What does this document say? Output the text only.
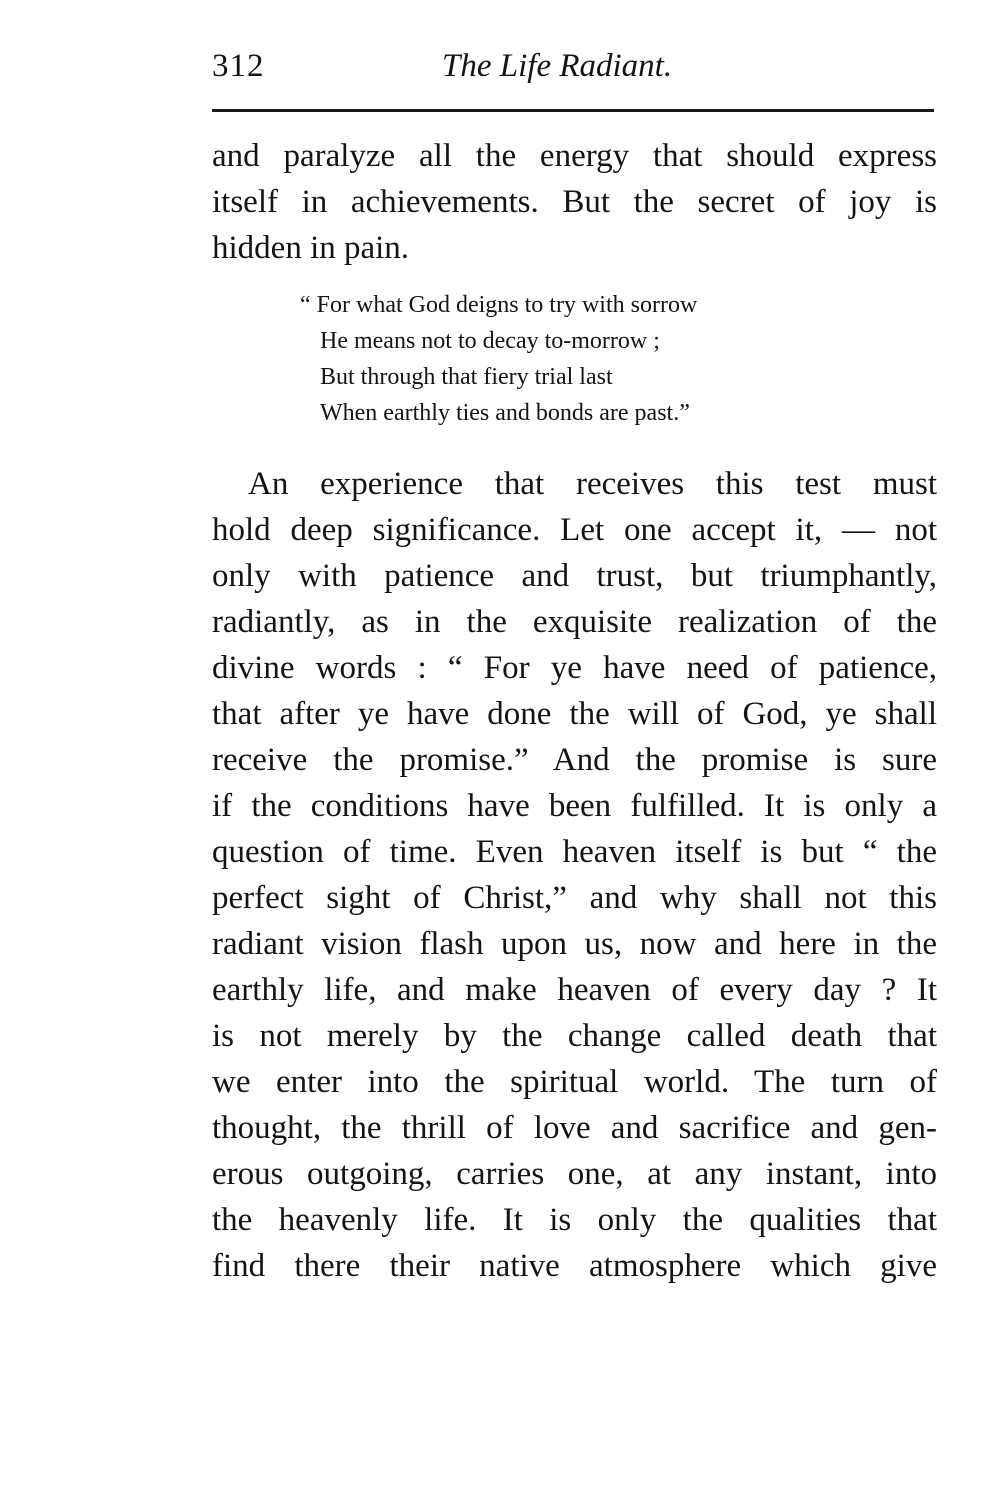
312	The Life Radiant.
and paralyze all the energy that should express
itself in achievements. But the secret of joy is
hidden in pain.
“ For what God deigns to try with sorrow
He means not to decay to-morrow ;
But through that fiery trial last
When earthly ties and bonds are past.”
An experience that receives this test must
hold deep significance. Let one accept it, — not
only with patience and trust, but triumphantly,
radiantly, as in the exquisite realization of the
divine words : “ For ye have need of patience,
that after ye have done the will of God, ye shall
receive the promise.” And the promise is sure
if the conditions have been fulfilled. It is only a
question of time. Even heaven itself is but “ the
perfect sight of Christ,” and why shall not this
radiant vision flash upon us, now and here in the
earthly life, and make heaven of every day ? It
is not merely by the change called death that
we enter into the spiritual world. The turn of
thought, the thrill of love and sacrifice and gen-
erous outgoing, carries one, at any instant, into
the heavenly life. It is only the qualities that
find there their native atmosphere which give
